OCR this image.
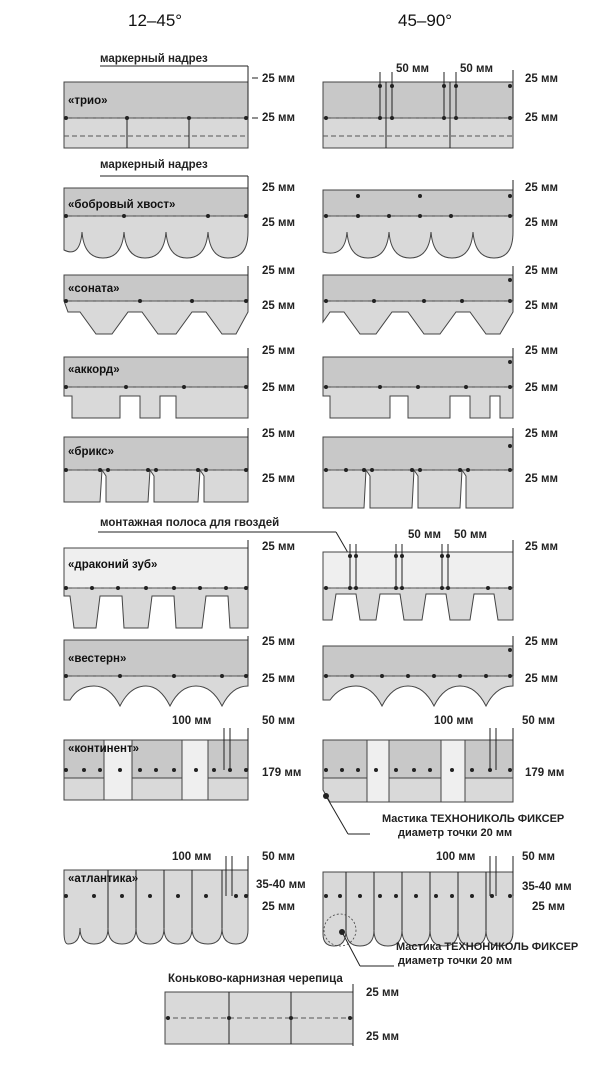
12–45°	45–90°
«трио»
маркерный надрез
25 мм
25 мм
50 мм	50 мм
25 мм
25 мм
«бобровый хвост»
маркерный надрез
25 мм
25 мм
25 мм
25 мм
«соната»
25 мм
25 мм
25 мм
25 мм
«аккорд»
25 мм
25 мм
25 мм
25 мм
«брикс»
25 мм
25 мм
25 мм
25 мм
монтажная полоса для гвоздей
«драконий зуб»
25 мм
50 мм 50 мм
25 мм
«вестерн»
25 мм
25 мм
25 мм
25 мм
«континент»
100 мм	50 мм
179 мм
100 мм	50 мм
179 мм
Мастика ТЕХНОНИКОЛЬ ФИКСЕР
диаметр точки 20 мм
«атлантика»
100 мм	50 мм
35-40 мм
25 мм
100 мм	50 мм
35-40 мм
25 мм
Мастика ТЕХНОНИКОЛЬ ФИКСЕР
диаметр точки 20 мм
Коньково-карнизная черепица
25 мм
25 мм
